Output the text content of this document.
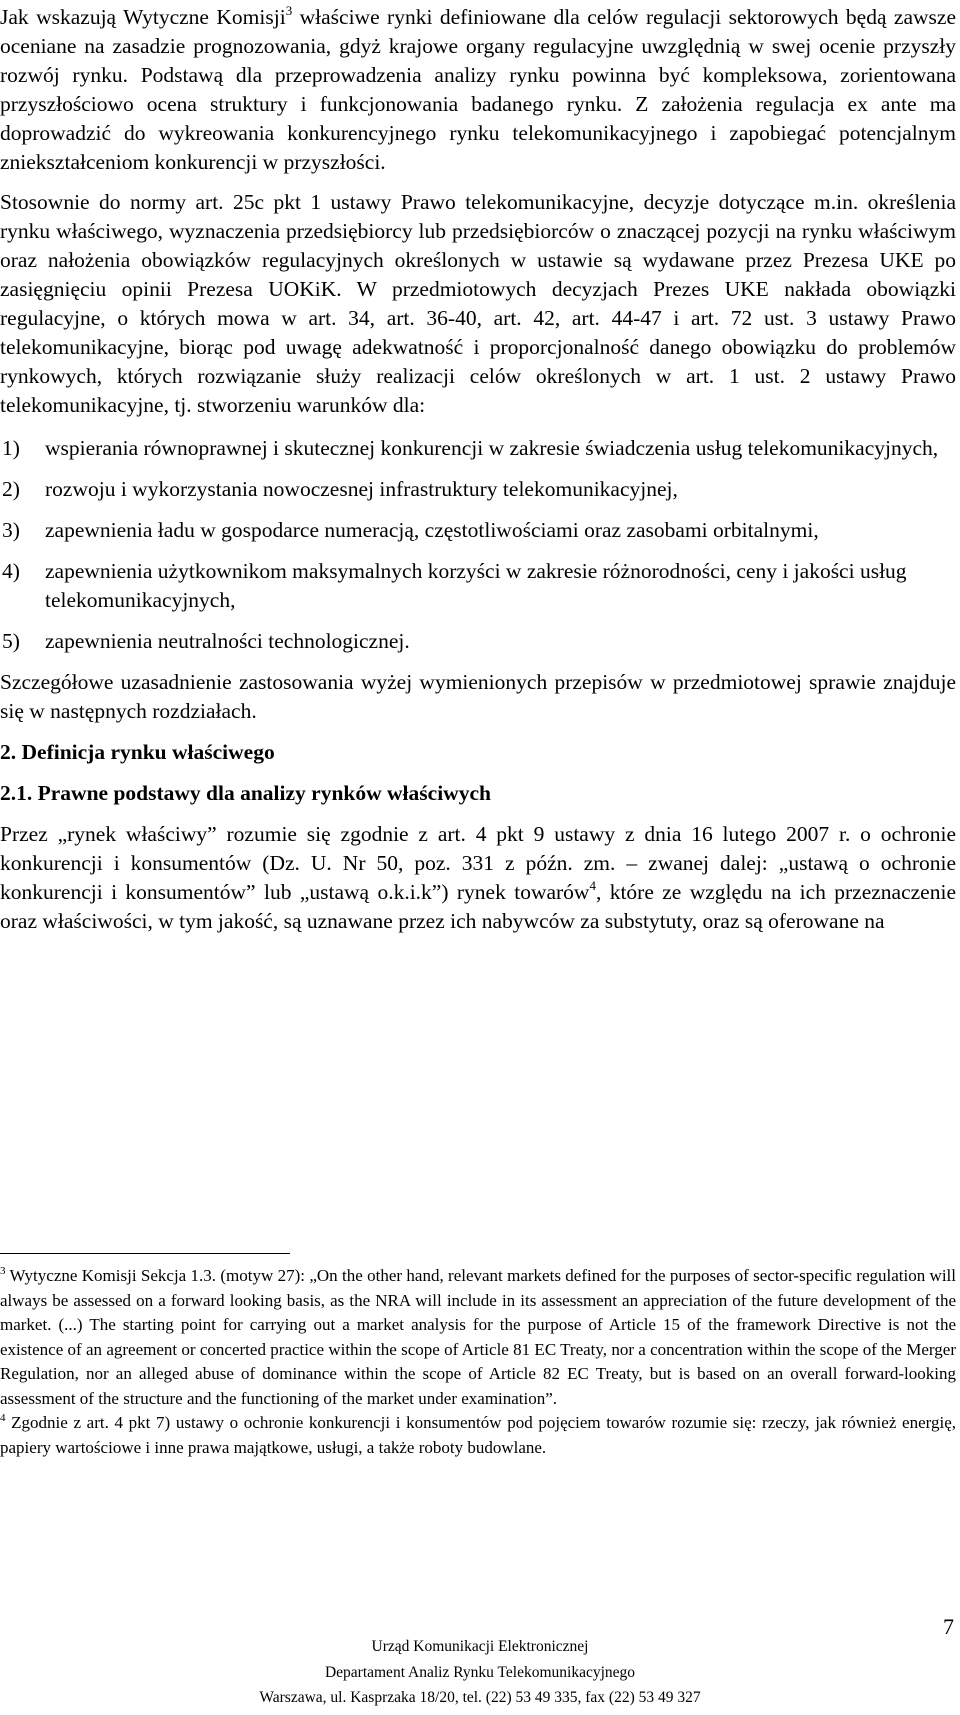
Jak wskazują Wytyczne Komisji$^3$ właściwe rynki definiowane dla celów regulacji sektorowych będą zawsze oceniane na zasadzie prognozowania, gdyż krajowe organy regulacyjne uwzględnią w swej ocenie przyszły rozwój rynku. Podstawą dla przeprowadzenia analizy rynku powinna być kompleksowa, zorientowana przyszłościowo ocena struktury i funkcjonowania badanego rynku. Z założenia regulacja ex ante ma doprowadzić do wykreowania konkurencyjnego rynku telekomunikacyjnego i zapobiegać potencjalnym zniekształceniom konkurencji w przyszłości.

Stosownie do normy art. 25c pkt 1 ustawy Prawo telekomunikacyjne, decyzje dotyczące m.in. określenia rynku właściwego, wyznaczenia przedsiębiorcy lub przedsiębiorców o znaczącej pozycji na rynku właściwym oraz nałożenia obowiązków regulacyjnych określonych w ustawie są wydawane przez Prezesa UKE po zasięgnięciu opinii Prezesa UOKiK. W przedmiotowych decyzjach Prezes UKE nakłada obowiązki regulacyjne, o których mowa w art. 34, art. 36-40, art. 42, art. 44-47 i art. 72 ust. 3 ustawy Prawo telekomunikacyjne, biorąc pod uwagę adekwatność i proporcjonalność danego obowiązku do problemów rynkowych, których rozwiązanie służy realizacji celów określonych w art. 1 ust. 2 ustawy Prawo telekomunikacyjne, tj. stworzeniu warunków dla:

1) wspierania równoprawnej i skutecznej konkurencji w zakresie świadczenia usług telekomunikacyjnych,
2) rozwoju i wykorzystania nowoczesnej infrastruktury telekomunikacyjnej,
3) zapewnienia ładu w gospodarce numeracją, częstotliwościami oraz zasobami orbitalnymi,
4) zapewnienia użytkownikom maksymalnych korzyści w zakresie różnorodności, ceny i jakości usług telekomunikacyjnych,
5) zapewnienia neutralności technologicznej.

Szczegółowe uzasadnienie zastosowania wyżej wymienionych przepisów w przedmiotowej sprawie znajduje się w następnych rozdziałach.

2. Definicja rynku właściwego
2.1. Prawne podstawy dla analizy rynków właściwych

Przez „rynek właściwy” rozumie się zgodnie z art. 4 pkt 9 ustawy z dnia 16 lutego 2007 r. o ochronie konkurencji i konsumentów (Dz. U. Nr 50, poz. 331 z późn. zm. – zwanej dalej: „ustawą o ochronie konkurencji i konsumentów” lub „ustawą o.k.i.k”) rynek towarów$^4$, które ze względu na ich przeznaczenie oraz właściwości, w tym jakość, są uznawane przez ich nabywców za substytuty, oraz są oferowane na

$^3$ Wytyczne Komisji Sekcja 1.3. (motyw 27): „On the other hand, relevant markets defined for the purposes of sector-specific regulation will always be assessed on a forward looking basis, as the NRA will include in its assessment an appreciation of the future development of the market. (...) The starting point for carrying out a market analysis for the purpose of Article 15 of the framework Directive is not the existence of an agreement or concerted practice within the scope of Article 81 EC Treaty, nor a concentration within the scope of the Merger Regulation, nor an alleged abuse of dominance within the scope of Article 82 EC Treaty, but is based on an overall forward-looking assessment of the structure and the functioning of the market under examination”.

$^4$ Zgodnie z art. 4 pkt 7) ustawy o ochronie konkurencji i konsumentów pod pojęciem towarów rozumie się: rzeczy, jak również energię, papiery wartościowe i inne prawa majątkowe, usługi, a także roboty budowlane.

7
Urząd Komunikacji Elektronicznej
Departament Analiz Rynku Telekomunikacyjnego
Warszawa, ul. Kasprzaka 18/20, tel. (22) 53 49 335, fax (22) 53 49 327
